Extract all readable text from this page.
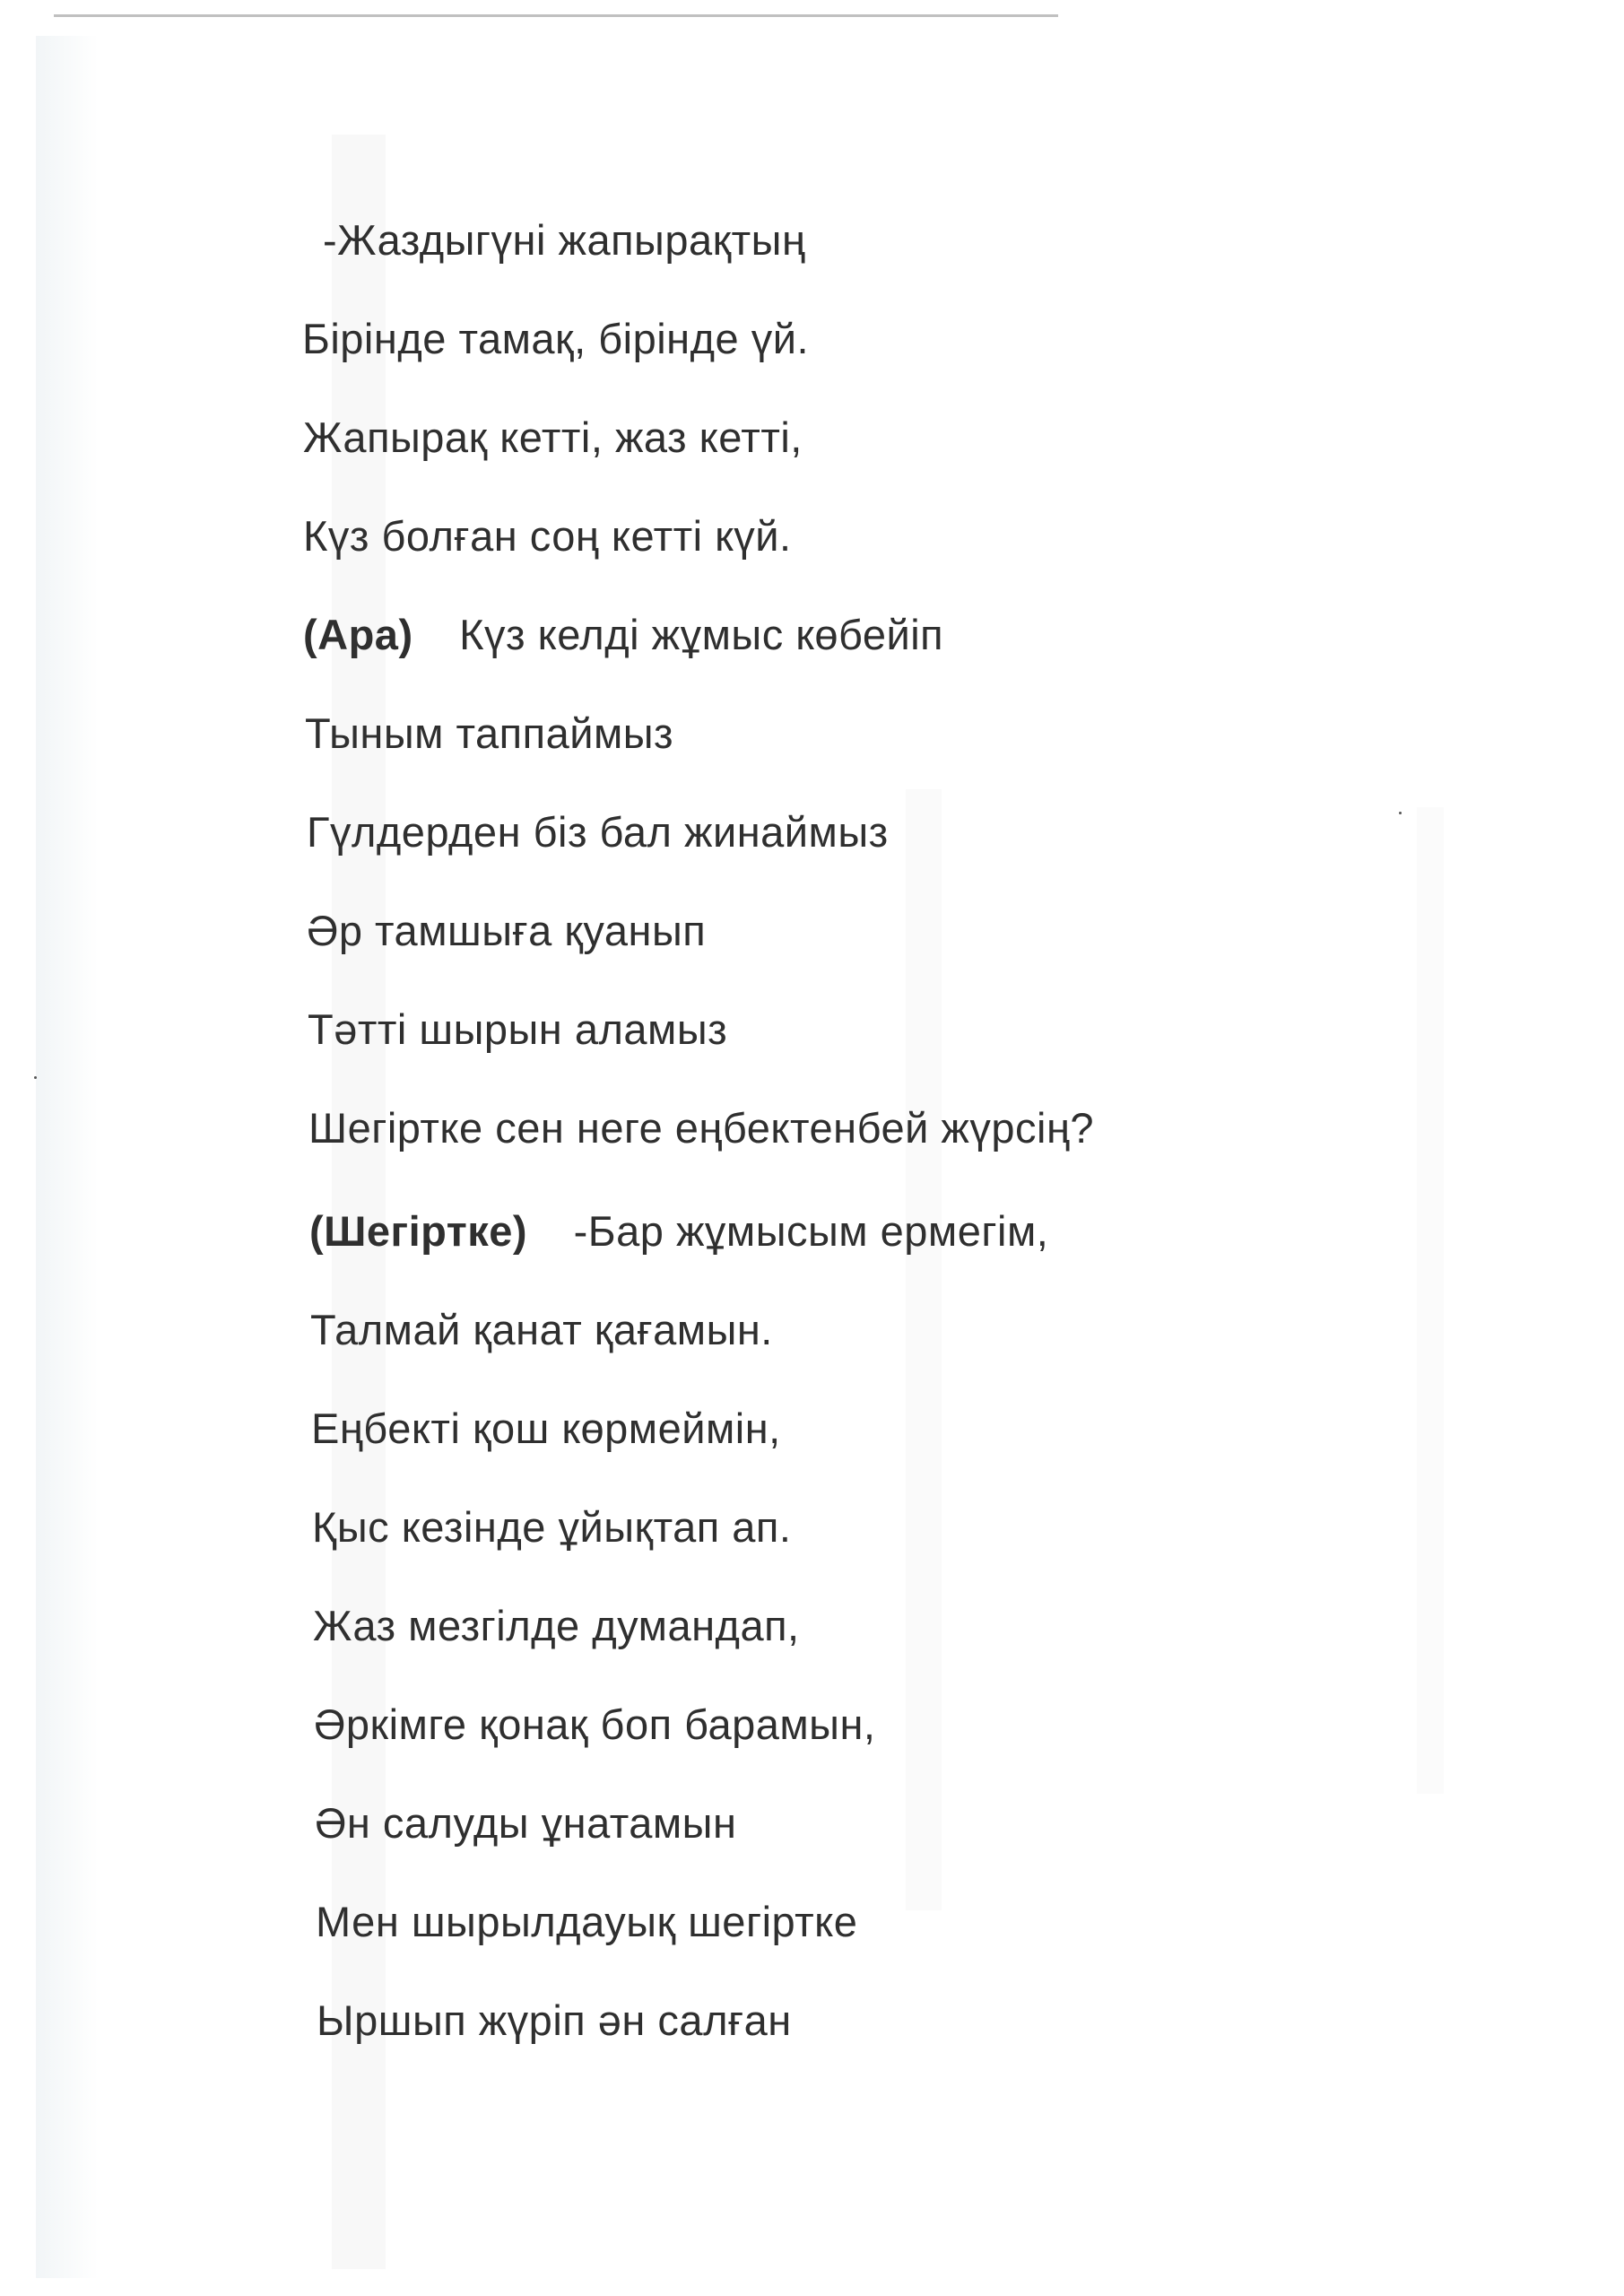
-Жаздыгүні жапырақтың
Бірінде тамақ, бірінде үй.
Жапырақ кетті, жаз кетті,
Күз болған соң кетті күй.
(Ара) Күз келді жұмыс көбейіп
Тыным таппаймыз
Гүлдерден біз бал жинаймыз
Әр тамшыға қуанып
Тәтті шырын аламыз
Шегіртке сен неге еңбектенбей жүрсің?
(Шегіртке) -Бар жұмысым ермегім,
Талмай қанат қағамын.
Еңбекті қош көрмеймін,
Қыс кезінде ұйықтап ап.
Жаз мезгілде думандап,
Әркімге қонақ боп барамын,
Ән салуды ұнатамын
Мен шырылдауық шегіртке
Ыршып жүріп ән салған
